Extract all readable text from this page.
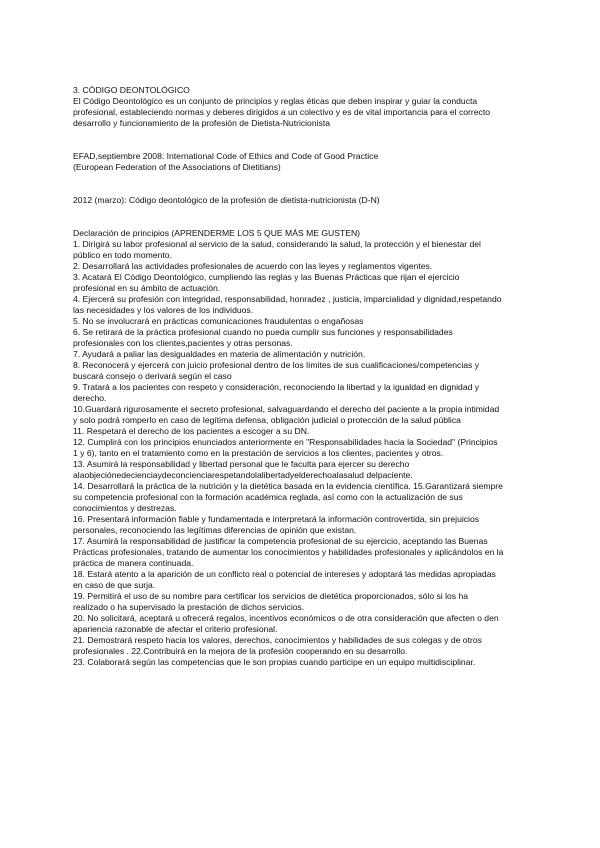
3. CÓDIGO DEONTOLÓGICO

El Código Deontológico es un conjunto de principios y reglas éticas que deben inspirar y guiar la conducta

profesional, estableciendo normas y deberes dirigidos a un colectivo y es de vital importancia para el correcto

desarrollo y funcionamiento de la profesión de Dietista-Nutricionista

EFAD,septiembre 2008: International Code of Ethics and Code of Good Practice

(European Federation of the Associations of Dietitians)

2012 (marzo): Código deontológico de la profesión de dietista-nutricionista (D-N)

Declaración de principios (APRENDERME LOS 5 QUE MÁS ME GUSTEN)

1. Dirigirá su labor profesional al servicio de la salud, considerando la salud, la protección y el bienestar del

público en todo momento.

2. Desarrollará las actividades profesionales de acuerdo con las leyes y reglamentos vigentes.

3. Acatará El Código Deontológico, cumpliendo las reglas y las Buenas Prácticas que rijan el ejercicio

profesional en su ámbito de actuación.

4. Ejercerá su profesión con integridad, responsabilidad, honradez , justicia, imparcialidad y dignidad,respetando

las necesidades y los valores de los individuos.

5. No se involucrará en prácticas comunicaciones fraudulentas o engañosas

6. Se retirará de la práctica profesional cuando no pueda cumplir sus funciones y responsabilidades

profesionales con los clientes,pacientes y otras personas.

7. Ayudará a paliar las desigualdades en materia de alimentación y nutrición.

8. Reconocerá y ejercerá con juicio profesional dentro de los límites de sus cualificaciones/competencias y

buscará consejo o derivará según el caso

9. Tratará a los pacientes con respeto y consideración, reconociendo la libertad y la igualdad en dignidad y

derecho.

10.Guardará rigurosamente el secreto profesional, salvaguardando el derecho del paciente a la propia intimidad

y solo podrá romperlo en caso de legítima defensa, obligación judicial o protección de la salud pública

11. Respetará el derecho de los pacientes a escoger a su DN.

12. Cumplirá con los principios enunciados anteriormente en "Responsabilidades hacia la Sociedad" (Principios

1 y 6), tanto en el tratamiento como en la prestación de servicios a los clientes, pacientes y otros.

13. Asumirá la responsabilidad y libertad personal que le faculta para ejercer su derecho

alaobjeciónedecienciaydeconcienciarespetandolalibertadyelderechoalasalud delpaciente.

14. Desarrollará la práctica de la nutrición y la dietética basada en la evidencia científica. 15.Garantizará siempre

su competencia profesional con la formación académica reglada, así como con la actualización de sus

conocimientos y destrezas.

16. Presentará información fiable y fundamentada e interpretará la información controvertida, sin prejuicios

personales, reconociendo las legítimas diferencias de opinión que existan.

17. Asumirá la responsabilidad de justificar la competencia profesional de su ejercicio, aceptando las Buenas

Prácticas profesionales, tratando de aumentar los conocimientos y habilidades profesionales y aplicándolos en la

práctica de manera continuada.

18. Estará atento a la aparición de un conflicto real o potencial de intereses y adoptará las medidas apropiadas

en caso de que surja.

19. Permitirá el uso de su nombre para certificar los servicios de dietética proporcionados, sólo si los ha

realizado o ha supervisado la prestación de dichos servicios.

20. No solicitará, aceptará u ofrecerá regalos, incentivos económicos o de otra consideración que afecten o den

apariencia razonable de afectar el criterio profesional.

21. Demostrará respeto hacia los valores, derechos, conocimientos y habilidades de sus colegas y de otros

profesionales . 22.Contribuirá en la mejora de la profesión cooperando en su desarrollo.

23. Colaborará según las competencias que le son propias cuando participe en un equipo multidisciplinar.
